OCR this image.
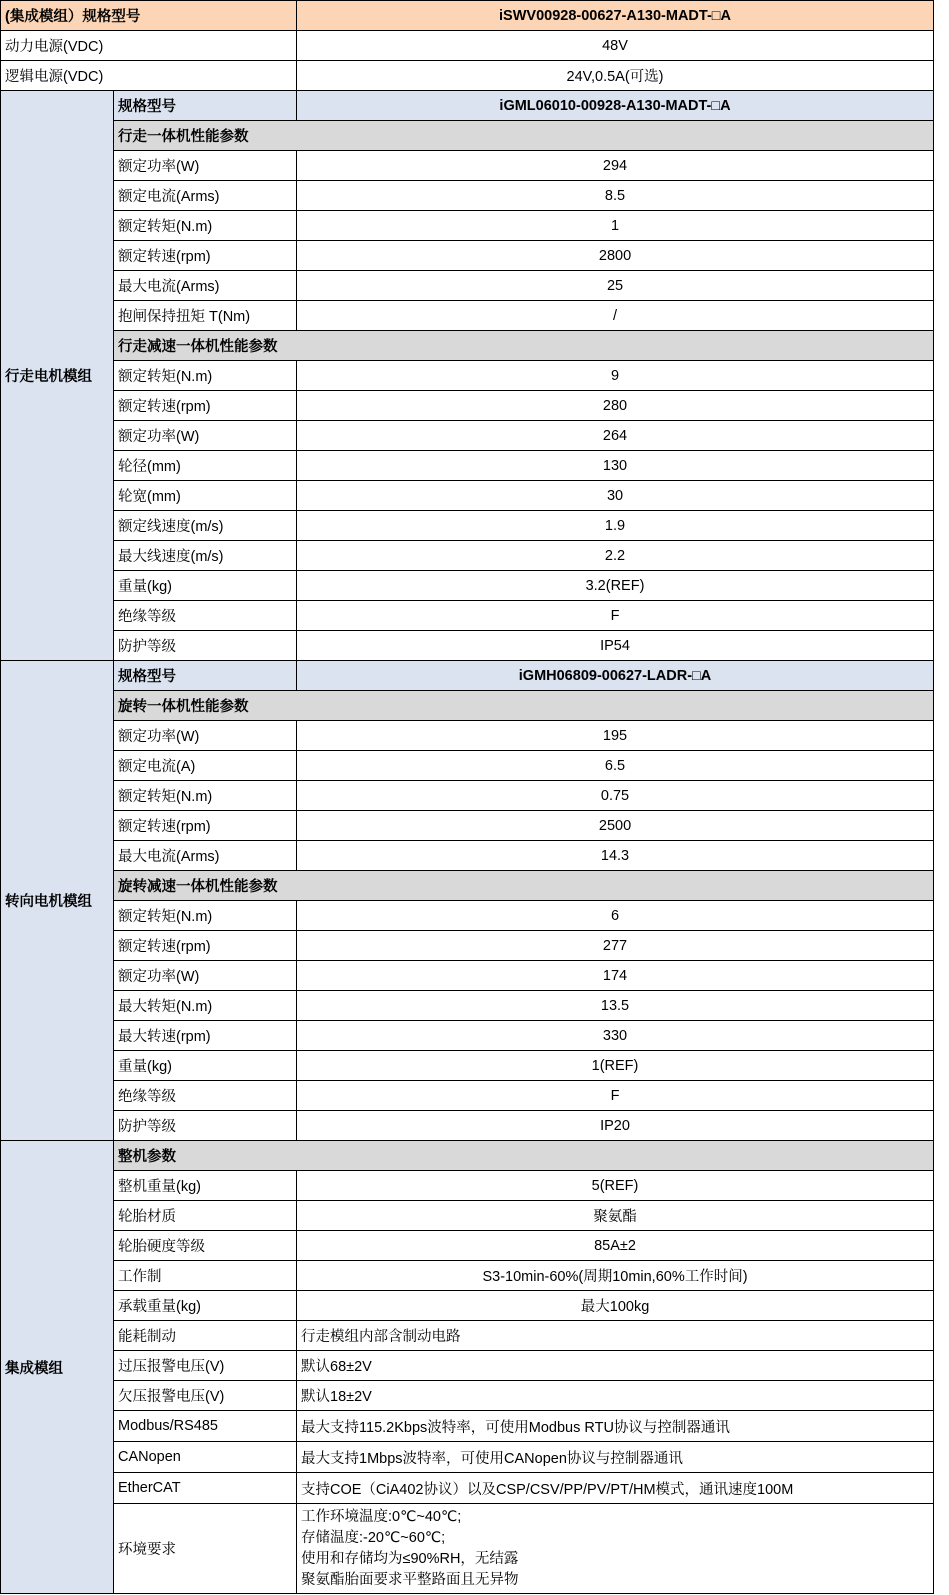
(集成模组）规格型号		iSWV00928-00627-A130-MADT-□A
动力电源(VDC)		48V
逻辑电源(VDC)		24V,0.5A(可选)
行走电机模组	规格型号	iGML06010-00928-A130-MADT-□A
	行走一体机性能参数	
	额定功率(W)	294
	额定电流(Arms)	8.5
	额定转矩(N.m)	1
	额定转速(rpm)	2800
	最大电流(Arms)	25
	抱闸保持扭矩 T(Nm)	/
	行走减速一体机性能参数	
	额定转矩(N.m)	9
	额定转速(rpm)	280
	额定功率(W)	264
	轮径(mm)	130
	轮宽(mm)	30
	额定线速度(m/s)	1.9
	最大线速度(m/s)	2.2
	重量(kg)	3.2(REF)
	绝缘等级	F
	防护等级	IP54
转向电机模组	规格型号	iGMH06809-00627-LADR-□A
	旋转一体机性能参数	
	额定功率(W)	195
	额定电流(A)	6.5
	额定转矩(N.m)	0.75
	额定转速(rpm)	2500
	最大电流(Arms)	14.3
	旋转减速一体机性能参数	
	额定转矩(N.m)	6
	额定转速(rpm)	277
	额定功率(W)	174
	最大转矩(N.m)	13.5
	最大转速(rpm)	330
	重量(kg)	1(REF)
	绝缘等级	F
	防护等级	IP20
集成模组	整机参数	
	整机重量(kg)	5(REF)
	轮胎材质	聚氨酯
	轮胎硬度等级	85A±2
	工作制	S3-10min-60%(周期10min,60%工作时间)
	承载重量(kg)	最大100kg
	能耗制动	行走模组内部含制动电路
	过压报警电压(V)	默认68±2V
	欠压报警电压(V)	默认18±2V
	Modbus/RS485	最大支持115.2Kbps波特率，可使用Modbus RTU协议与控制器通讯
	CANopen	最大支持1Mbps波特率，可使用CANopen协议与控制器通讯
	EtherCAT	支持COE（CiA402协议）以及CSP/CSV/PP/PV/PT/HM模式，通讯速度100M
	环境要求	工作环境温度:0℃~40℃;
存储温度:-20℃~60℃;
使用和存储均为≤90%RH，无结露
聚氨酯胎面要求平整路面且无异物
